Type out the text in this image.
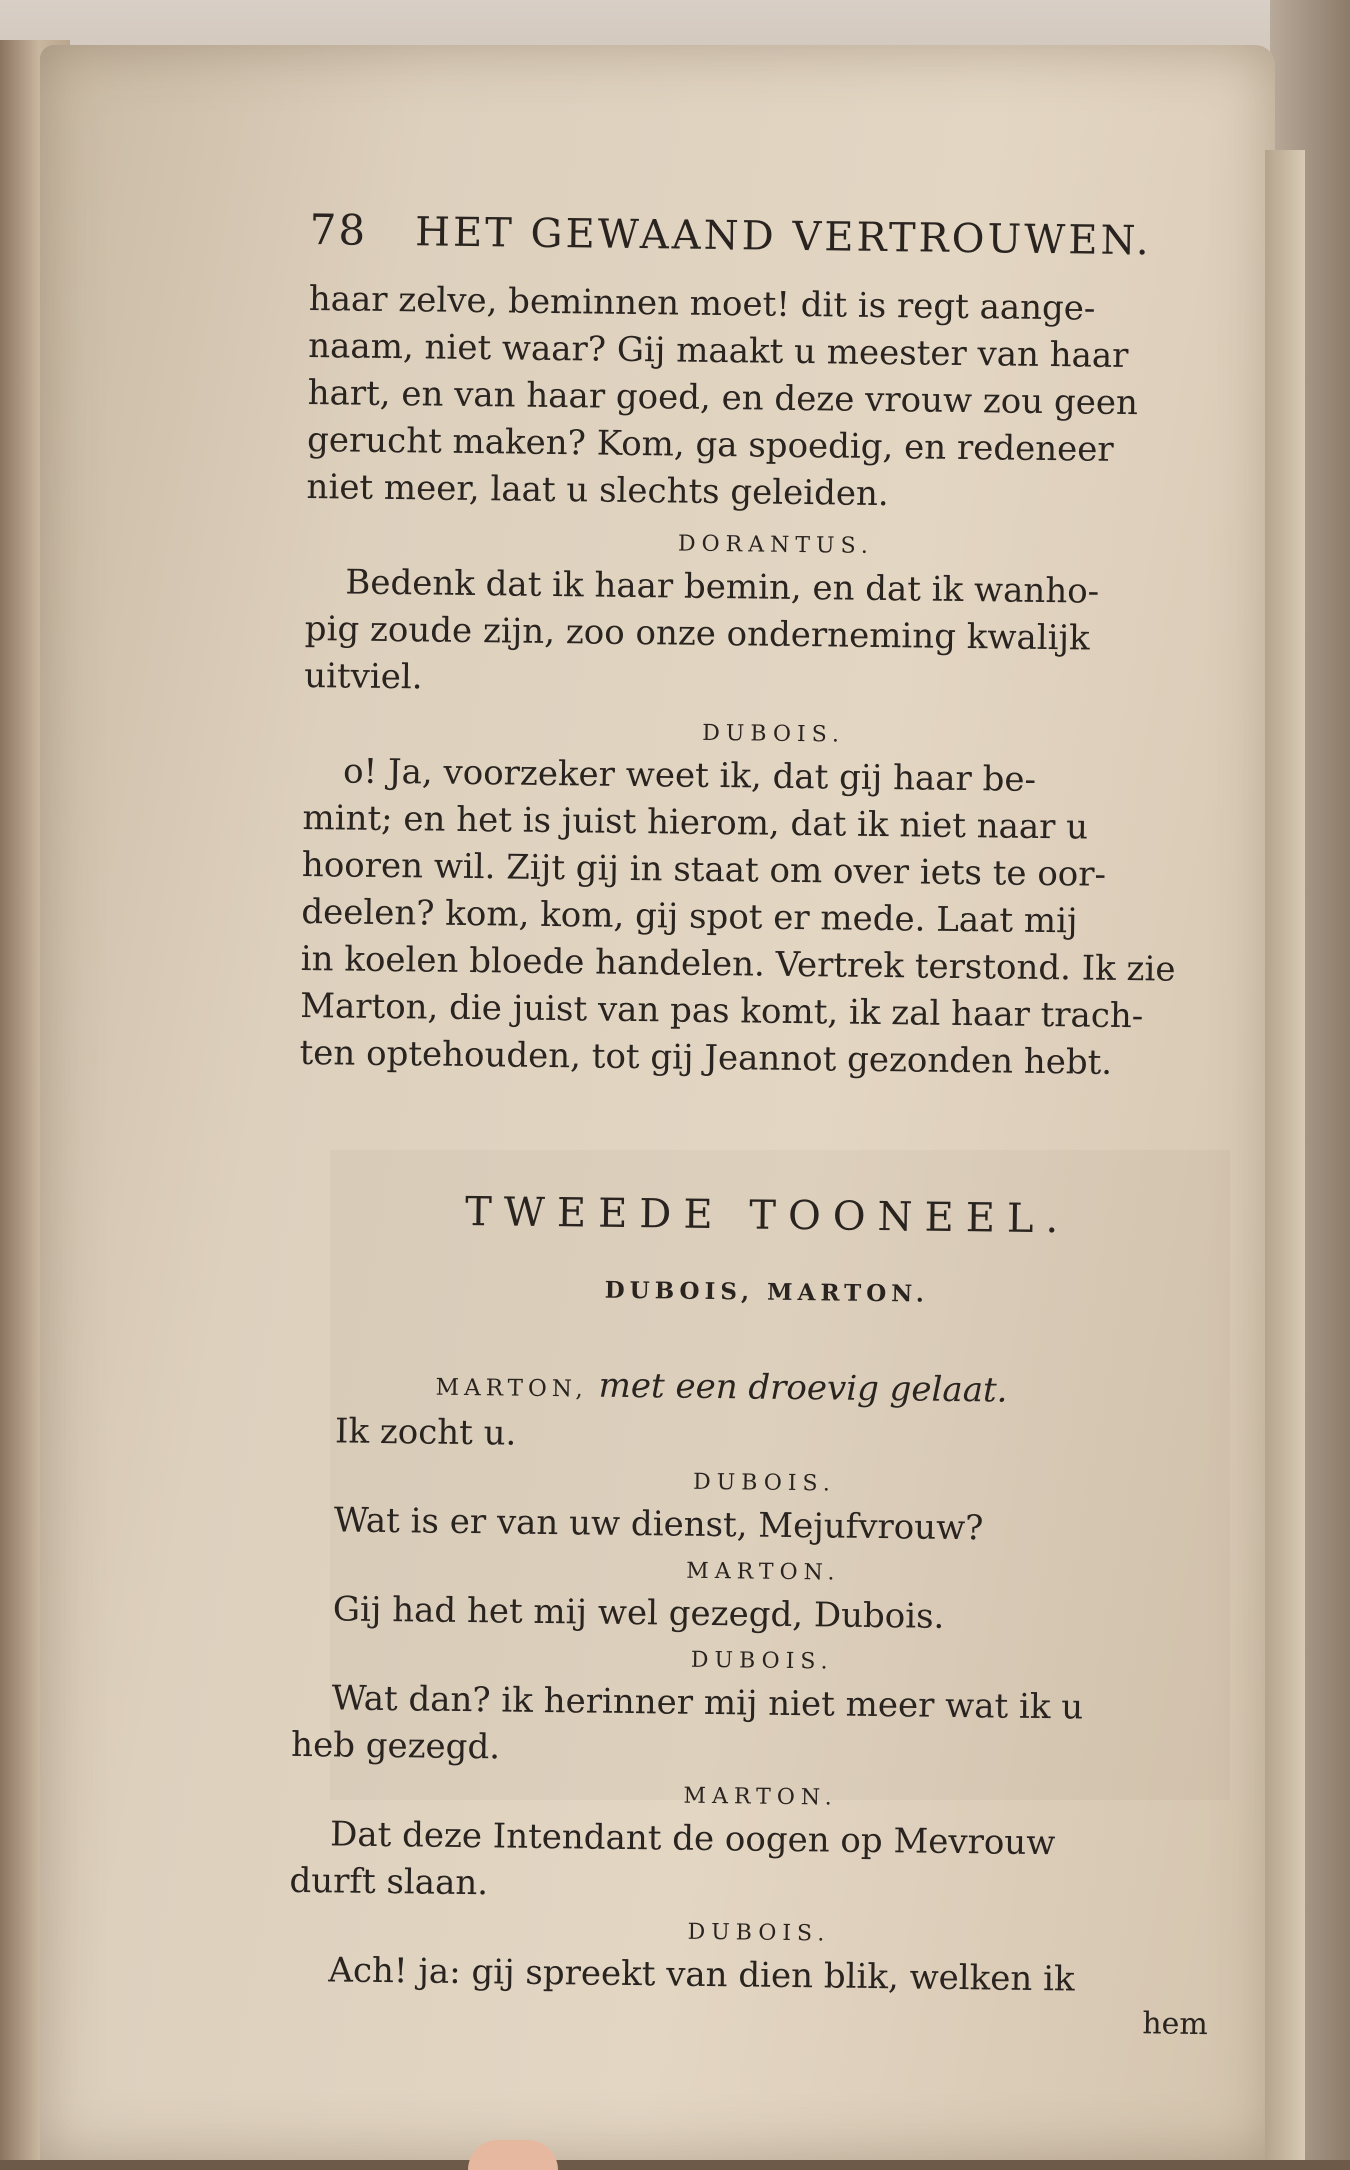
78 HET GEWAAND VERTROUWEN.

haar zelve, beminnen moet! dit is regt aange-
naam, niet waar? Gij maakt u meester van haar
hart, en van haar goed, en deze vrouw zou geen
gerucht maken? Kom, ga spoedig, en redeneer
niet meer, laat u slechts geleiden.

DORANTUS.

Bedenk dat ik haar bemin, en dat ik wanho-
pig zoude zijn, zoo onze onderneming kwalijk
uitviel.

DUBOIS.

o! Ja, voorzeker weet ik, dat gij haar be-
mint; en het is juist hierom, dat ik niet naar u
hooren wil. Zijt gij in staat om over iets te oor-
deelen? kom, kom, gij spot er mede. Laat mij
in koelen bloede handelen. Vertrek terstond. Ik zie
Marton, die juist van pas komt, ik zal haar trach-
ten optehouden, tot gij Jeannot gezonden hebt.

TWEEDE TOONEEL.
DUBOIS, MARTON.
MARTON, met een droevig gelaat.

Ik zocht u.

DUBOIS.

Wat is er van uw dienst, Mejufvrouw?

MARTON.

Gij had het mij wel gezegd, Dubois.

DUBOIS.

Wat dan? ik herinner mij niet meer wat ik u
heb gezegd.

MARTON.

Dat deze Intendant de oogen op Mevrouw
durft slaan.

DUBOIS.

Ach! ja: gij spreekt van dien blik, welken ik

hem
